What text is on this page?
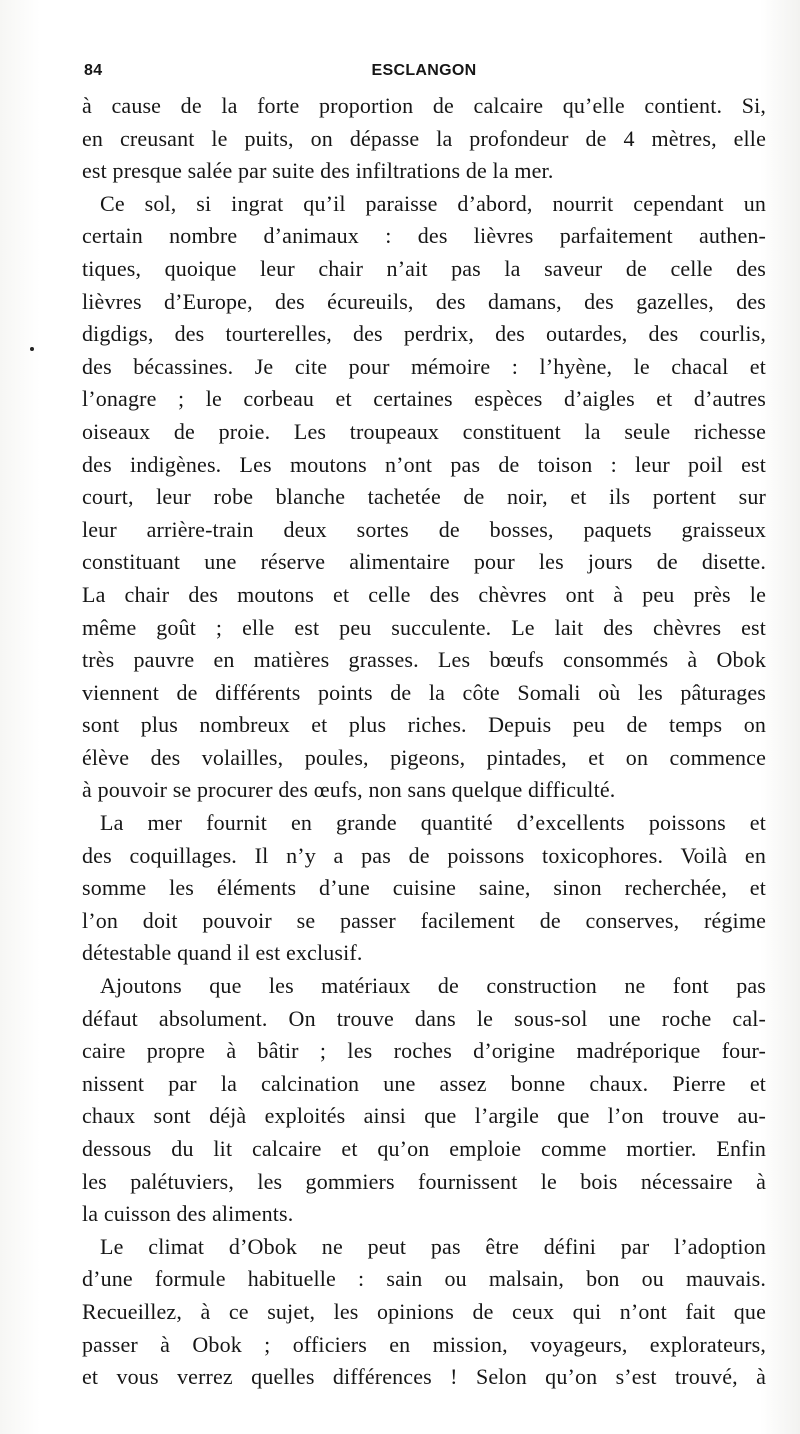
84	ESCLANGON
à cause de la forte proportion de calcaire qu’elle contient. Si,
en creusant le puits, on dépasse la profondeur de 4 mètres, elle
est presque salée par suite des infiltrations de la mer.
Ce sol, si ingrat qu’il paraisse d’abord, nourrit cependant un
certain nombre d’animaux : des lièvres parfaitement authen-
tiques, quoique leur chair n’ait pas la saveur de celle des
lièvres d’Europe, des écureuils, des damans, des gazelles, des
digdigs, des tourterelles, des perdrix, des outardes, des courlis,
des bécassines. Je cite pour mémoire : l’hyène, le chacal et
l’onagre ; le corbeau et certaines espèces d’aigles et d’autres
oiseaux de proie. Les troupeaux constituent la seule richesse
des indigènes. Les moutons n’ont pas de toison : leur poil est
court, leur robe blanche tachetée de noir, et ils portent sur
leur arrière-train deux sortes de bosses, paquets graisseux
constituant une réserve alimentaire pour les jours de disette.
La chair des moutons et celle des chèvres ont à peu près le
même goût ; elle est peu succulente. Le lait des chèvres est
très pauvre en matières grasses. Les bœufs consommés à Obok
viennent de différents points de la côte Somali où les pâturages
sont plus nombreux et plus riches. Depuis peu de temps on
élève des volailles, poules, pigeons, pintades, et on commence
à pouvoir se procurer des œufs, non sans quelque difficulté.
La mer fournit en grande quantité d’excellents poissons et
des coquillages. Il n’y a pas de poissons toxicophores. Voilà en
somme les éléments d’une cuisine saine, sinon recherchée, et
l’on doit pouvoir se passer facilement de conserves, régime
détestable quand il est exclusif.
Ajoutons que les matériaux de construction ne font pas
défaut absolument. On trouve dans le sous-sol une roche cal-
caire propre à bâtir ; les roches d’origine madréporique four-
nissent par la calcination une assez bonne chaux. Pierre et
chaux sont déjà exploités ainsi que l’argile que l’on trouve au-
dessous du lit calcaire et qu’on emploie comme mortier. Enfin
les palétuviers, les gommiers fournissent le bois nécessaire à
la cuisson des aliments.
Le climat d’Obok ne peut pas être défini par l’adoption
d’une formule habituelle : sain ou malsain, bon ou mauvais.
Recueillez, à ce sujet, les opinions de ceux qui n’ont fait que
passer à Obok ; officiers en mission, voyageurs, explorateurs,
et vous verrez quelles différences ! Selon qu’on s’est trouvé, à
